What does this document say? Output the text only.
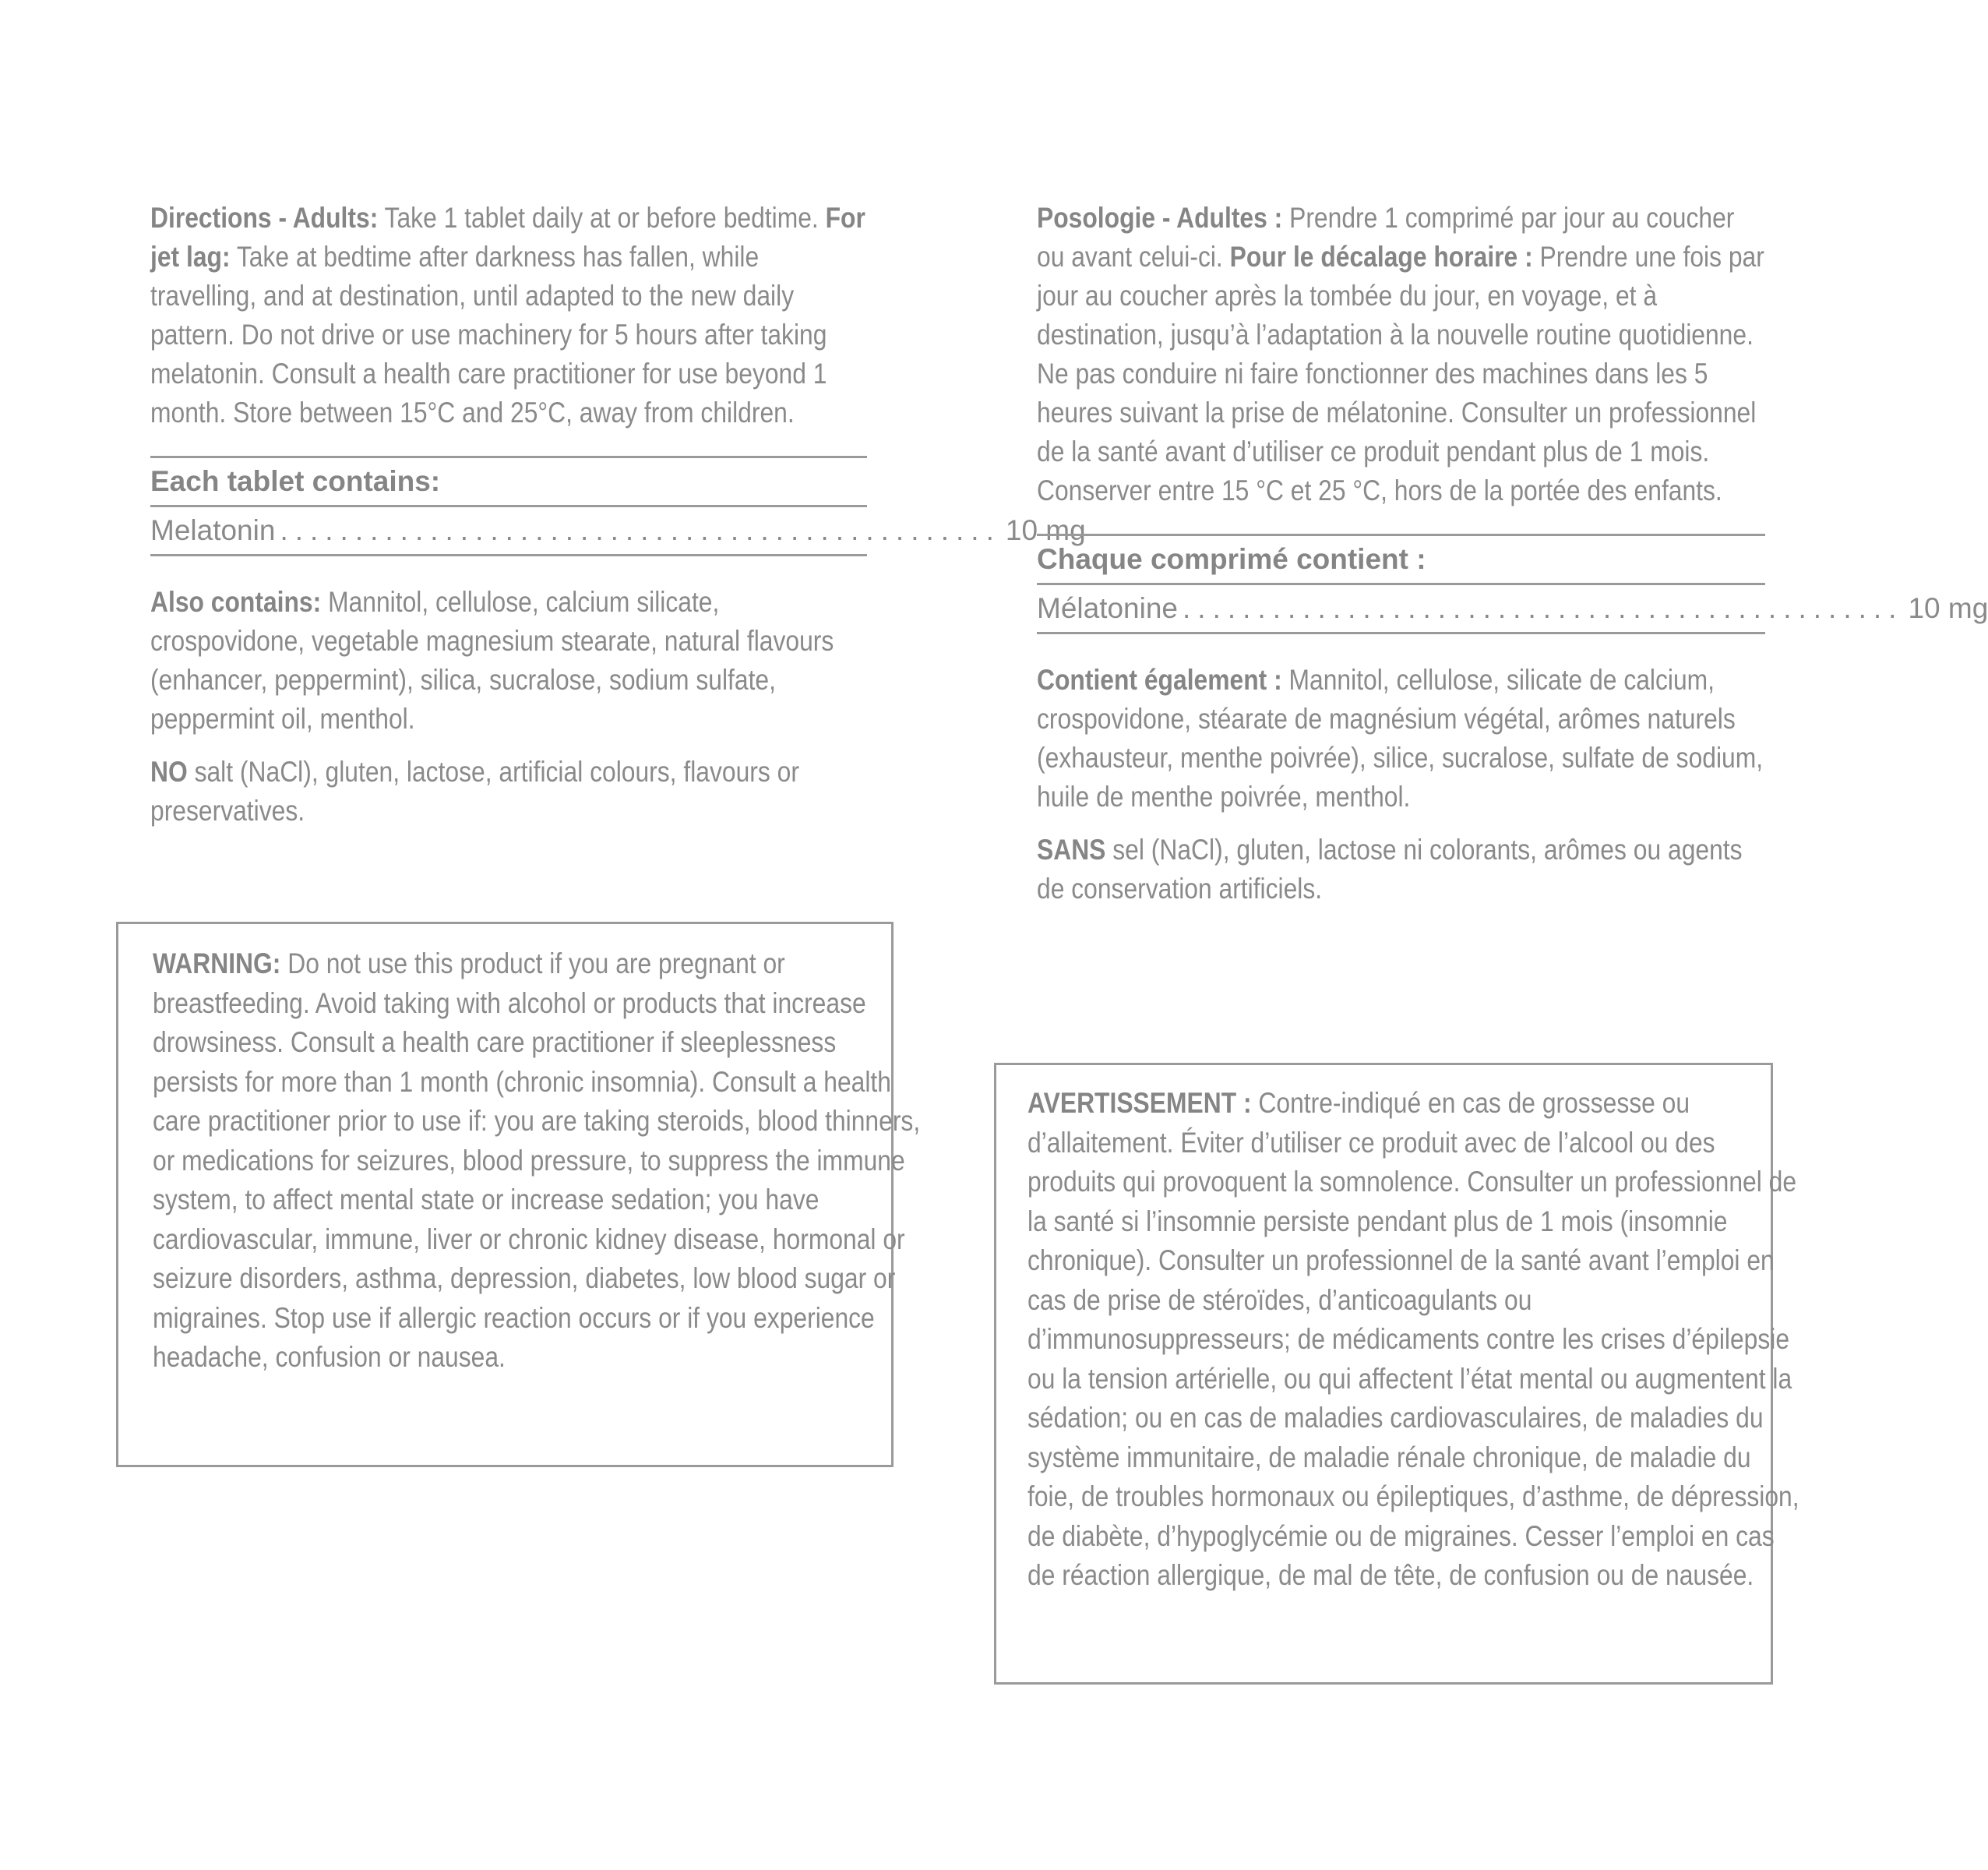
Directions - Adults: Take 1 tablet daily at or before bedtime. For jet lag: Take at bedtime after darkness has fallen, while travelling, and at destination, until adapted to the new daily pattern. Do not drive or use machinery for 5 hours after taking melatonin. Consult a health care practitioner for use beyond 1 month. Store between 15°C and 25°C, away from children.

Each tablet contains:
Melatonin ................................................ 10 mg

Also contains: Mannitol, cellulose, calcium silicate, crospovidone, vegetable magnesium stearate, natural flavours (enhancer, peppermint), silica, sucralose, sodium sulfate, peppermint oil, menthol.

NO salt (NaCl), gluten, lactose, artificial colours, flavours or preservatives.

WARNING: Do not use this product if you are pregnant or breastfeeding. Avoid taking with alcohol or products that increase drowsiness. Consult a health care practitioner if sleeplessness persists for more than 1 month (chronic insomnia). Consult a health care practitioner prior to use if: you are taking steroids, blood thinners, or medications for seizures, blood pressure, to suppress the immune system, to affect mental state or increase sedation; you have cardiovascular, immune, liver or chronic kidney disease, hormonal or seizure disorders, asthma, depression, diabetes, low blood sugar or migraines. Stop use if allergic reaction occurs or if you experience headache, confusion or nausea.

Posologie - Adultes : Prendre 1 comprimé par jour au coucher ou avant celui-ci. Pour le décalage horaire : Prendre une fois par jour au coucher après la tombée du jour, en voyage, et à destination, jusqu’à l’adaptation à la nouvelle routine quotidienne. Ne pas conduire ni faire fonctionner des machines dans les 5 heures suivant la prise de mélatonine. Consulter un professionnel de la santé avant d’utiliser ce produit pendant plus de 1 mois. Conserver entre 15 °C et 25 °C, hors de la portée des enfants.

Chaque comprimé contient :
Mélatonine ................................................ 10 mg

Contient également : Mannitol, cellulose, silicate de calcium, crospovidone, stéarate de magnésium végétal, arômes naturels (exhausteur, menthe poivrée), silice, sucralose, sulfate de sodium, huile de menthe poivrée, menthol.

SANS sel (NaCl), gluten, lactose ni colorants, arômes ou agents de conservation artificiels.

AVERTISSEMENT : Contre-indiqué en cas de grossesse ou d’allaitement. Éviter d’utiliser ce produit avec de l’alcool ou des produits qui provoquent la somnolence. Consulter un professionnel de la santé si l’insomnie persiste pendant plus de 1 mois (insomnie chronique). Consulter un professionnel de la santé avant l’emploi en cas de prise de stéroïdes, d’anticoagulants ou d’immunosuppresseurs; de médicaments contre les crises d’épilepsie ou la tension artérielle, ou qui affectent l’état mental ou augmentent la sédation; ou en cas de maladies cardiovasculaires, de maladies du système immunitaire, de maladie rénale chronique, de maladie du foie, de troubles hormonaux ou épileptiques, d’asthme, de dépression, de diabète, d’hypoglycémie ou de migraines. Cesser l’emploi en cas de réaction allergique, de mal de tête, de confusion ou de nausée.
